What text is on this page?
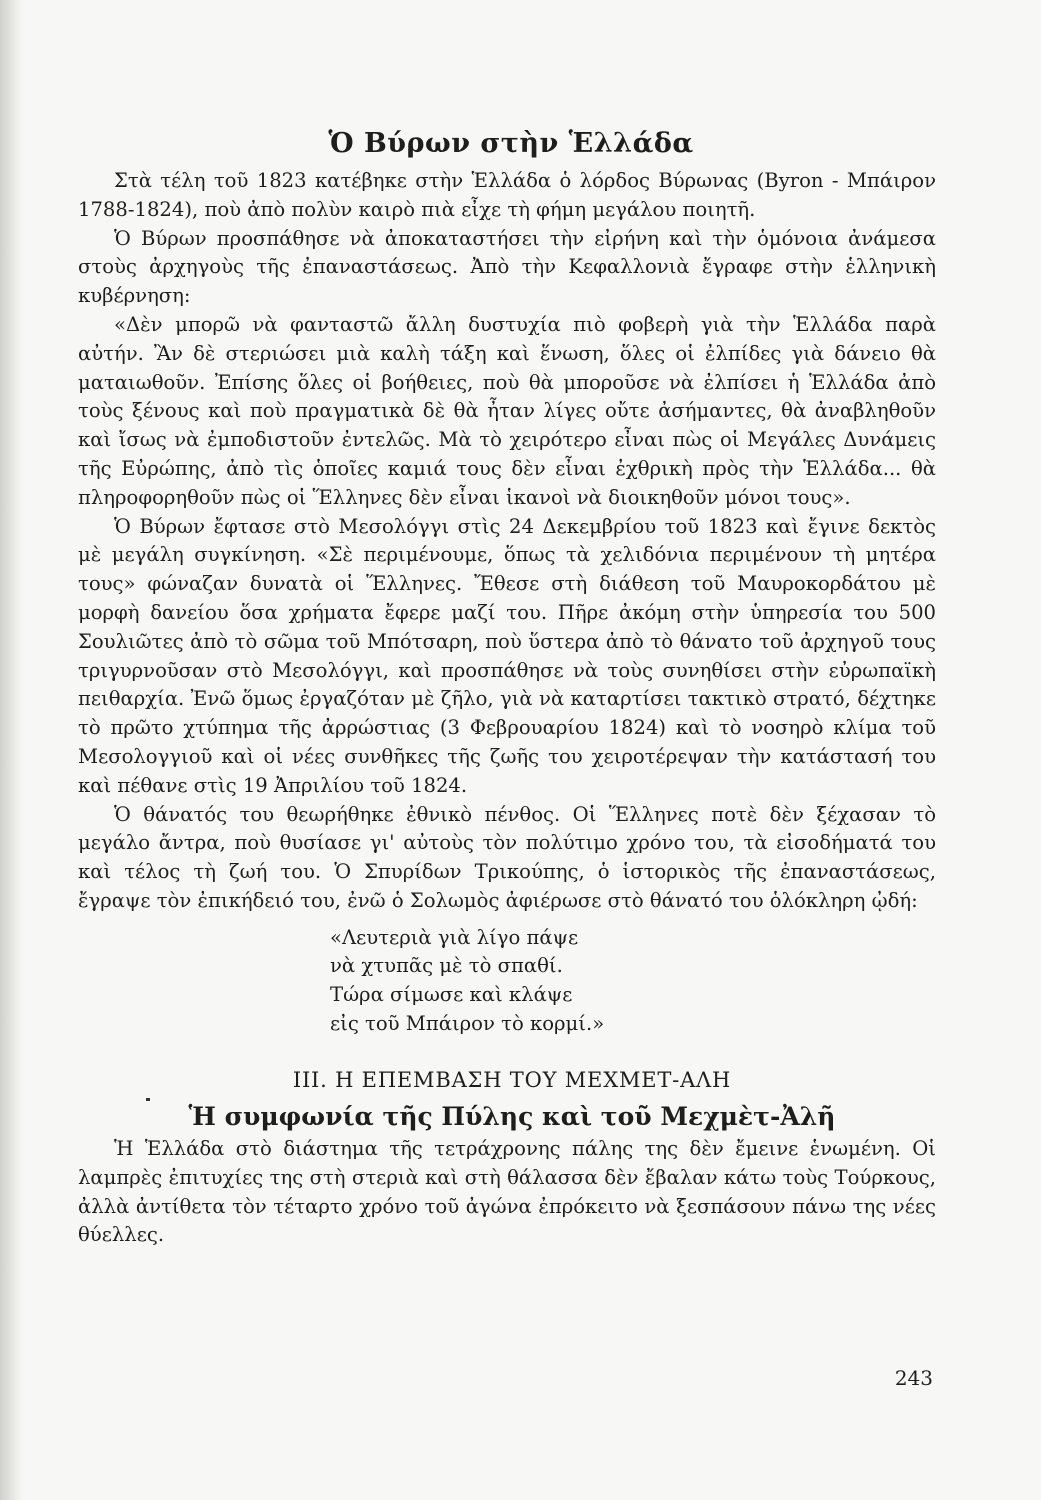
Ὁ Βύρων στὴν Ἑλλάδα

Στὰ τέλη τοῦ 1823 κατέβηκε στὴν Ἑλλάδα ὁ λόρδος Βύρωνας (Byron - Μπάιρον 1788-1824), ποὺ ἀπὸ πολὺν καιρὸ πιὰ εἶχε τὴ φήμη μεγάλου ποιητῆ.

Ὁ Βύρων προσπάθησε νὰ ἀποκαταστήσει τὴν εἰρήνη καὶ τὴν ὁμόνοια ἀνάμεσα στοὺς ἀρχηγοὺς τῆς ἐπαναστάσεως. Ἀπὸ τὴν Κεφαλλονιὰ ἔγραφε στὴν ἑλληνικὴ κυβέρνηση:

«Δὲν μπορῶ νὰ φανταστῶ ἄλλη δυστυχία πιὸ φοβερὴ γιὰ τὴν Ἑλλάδα παρὰ αὐτήν. Ἂν δὲ στεριώσει μιὰ καλὴ τάξη καὶ ἕνωση, ὅλες οἱ ἐλπίδες γιὰ δάνειο θὰ ματαιωθοῦν. Ἐπίσης ὅλες οἱ βοήθειες, ποὺ θὰ μποροῦσε νὰ ἐλπίσει ἡ Ἑλλάδα ἀπὸ τοὺς ξένους καὶ ποὺ πραγματικὰ δὲ θὰ ἦταν λίγες οὔτε ἀσήμαντες, θὰ ἀναβληθοῦν καὶ ἴσως νὰ ἐμποδιστοῦν ἐντελῶς. Μὰ τὸ χειρότερο εἶναι πὼς οἱ Μεγάλες Δυνάμεις τῆς Εὐρώπης, ἀπὸ τὶς ὁποῖες καμιά τους δὲν εἶναι ἐχθρικὴ πρὸς τὴν Ἑλλάδα... θὰ πληροφορηθοῦν πὼς οἱ Ἕλληνες δὲν εἶναι ἱκανοὶ νὰ διοικηθοῦν μόνοι τους».

Ὁ Βύρων ἔφτασε στὸ Μεσολόγγι στὶς 24 Δεκεμβρίου τοῦ 1823 καὶ ἔγινε δεκτὸς μὲ μεγάλη συγκίνηση. «Σὲ περιμένουμε, ὅπως τὰ χελιδόνια περιμένουν τὴ μητέρα τους» φώναζαν δυνατὰ οἱ Ἕλληνες. Ἔθεσε στὴ διάθεση τοῦ Μαυροκορδάτου μὲ μορφὴ δανείου ὅσα χρήματα ἔφερε μαζί του. Πῆρε ἀκόμη στὴν ὑπηρεσία του 500 Σουλιῶτες ἀπὸ τὸ σῶμα τοῦ Μπότσαρη, ποὺ ὕστερα ἀπὸ τὸ θάνατο τοῦ ἀρχηγοῦ τους τριγυρνοῦσαν στὸ Μεσολόγγι, καὶ προσπάθησε νὰ τοὺς συνηθίσει στὴν εὐρωπαϊκὴ πειθαρχία. Ἐνῶ ὅμως ἐργαζόταν μὲ ζῆλο, γιὰ νὰ καταρτίσει τακτικὸ στρατό, δέχτηκε τὸ πρῶτο χτύπημα τῆς ἀρρώστιας (3 Φεβρουαρίου 1824) καὶ τὸ νοσηρὸ κλίμα τοῦ Μεσολογγιοῦ καὶ οἱ νέες συνθῆκες τῆς ζωῆς του χειροτέρεψαν τὴν κατάστασή του καὶ πέθανε στὶς 19 Ἀπριλίου τοῦ 1824.

Ὁ θάνατός του θεωρήθηκε ἐθνικὸ πένθος. Οἱ Ἕλληνες ποτὲ δὲν ξέχασαν τὸ μεγάλο ἄντρα, ποὺ θυσίασε γι' αὐτοὺς τὸν πολύτιμο χρόνο του, τὰ εἰσοδήματά του καὶ τέλος τὴ ζωή του. Ὁ Σπυρίδων Τρικούπης, ὁ ἱστορικὸς τῆς ἐπαναστάσεως, ἔγραψε τὸν ἐπικήδειό του, ἐνῶ ὁ Σολωμὸς ἀφιέρωσε στὸ θάνατό του ὁλόκληρη ᾠδή:

«Λευτεριὰ γιὰ λίγο πάψε
νὰ χτυπᾶς μὲ τὸ σπαθί.
Τώρα σίμωσε καὶ κλάψε
εἰς τοῦ Μπάιρον τὸ κορμί.»
III. Η ΕΠΕΜΒΑΣΗ ΤΟΥ ΜΕΧΜΕΤ-ΑΛΗ
Ἡ συμφωνία τῆς Πύλης καὶ τοῦ Μεχμὲτ-Ἀλῆ

Ἡ Ἑλλάδα στὸ διάστημα τῆς τετράχρονης πάλης της δὲν ἔμεινε ἑνωμένη. Οἱ λαμπρὲς ἐπιτυχίες της στὴ στεριὰ καὶ στὴ θάλασσα δὲν ἔβαλαν κάτω τοὺς Τούρκους, ἀλλὰ ἀντίθετα τὸν τέταρτο χρόνο τοῦ ἀγώνα ἐπρόκειτο νὰ ξεσπάσουν πάνω της νέες θύελλες.

243
